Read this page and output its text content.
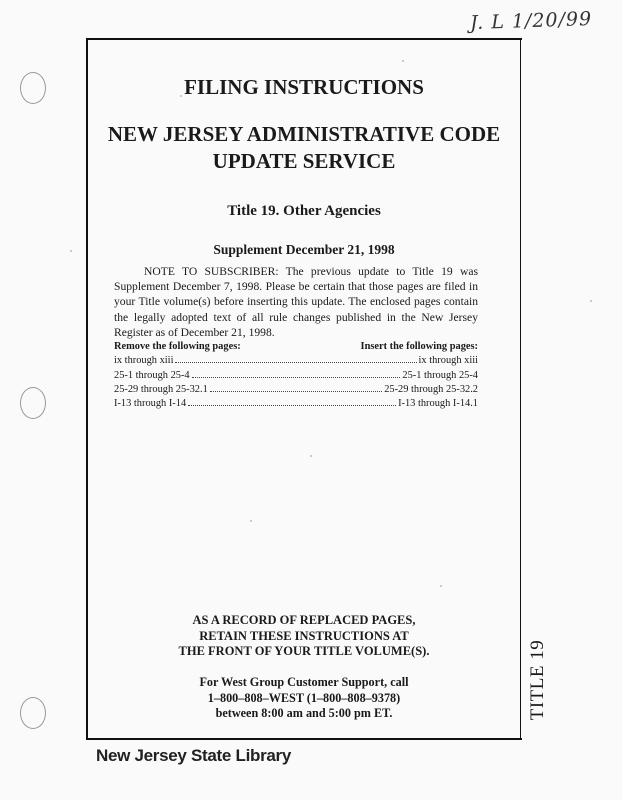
J. L 1/20/99
TITLE 19
FILING INSTRUCTIONS
NEW JERSEY ADMINISTRATIVE CODE
UPDATE SERVICE
Title 19. Other Agencies
Supplement December 21, 1998
NOTE TO SUBSCRIBER: The previous update to Title 19 was Supplement December 7, 1998. Please be certain that those pages are filed in your Title volume(s) before inserting this update. The enclosed pages contain the legally adopted text of all rule changes published in the New Jersey Register as of December 21, 1998.
Remove the following pages:	Insert the following pages:
ix through xiii	ix through xiii
25-1 through 25-4	25-1 through 25-4
25-29 through 25-32.1	25-29 through 25-32.2
I-13 through I-14	I-13 through I-14.1
AS A RECORD OF REPLACED PAGES,
RETAIN THESE INSTRUCTIONS AT
THE FRONT OF YOUR TITLE VOLUME(S).
For West Group Customer Support, call
1–800–808–WEST (1–800–808–9378)
between 8:00 am and 5:00 pm ET.
New Jersey State Library
